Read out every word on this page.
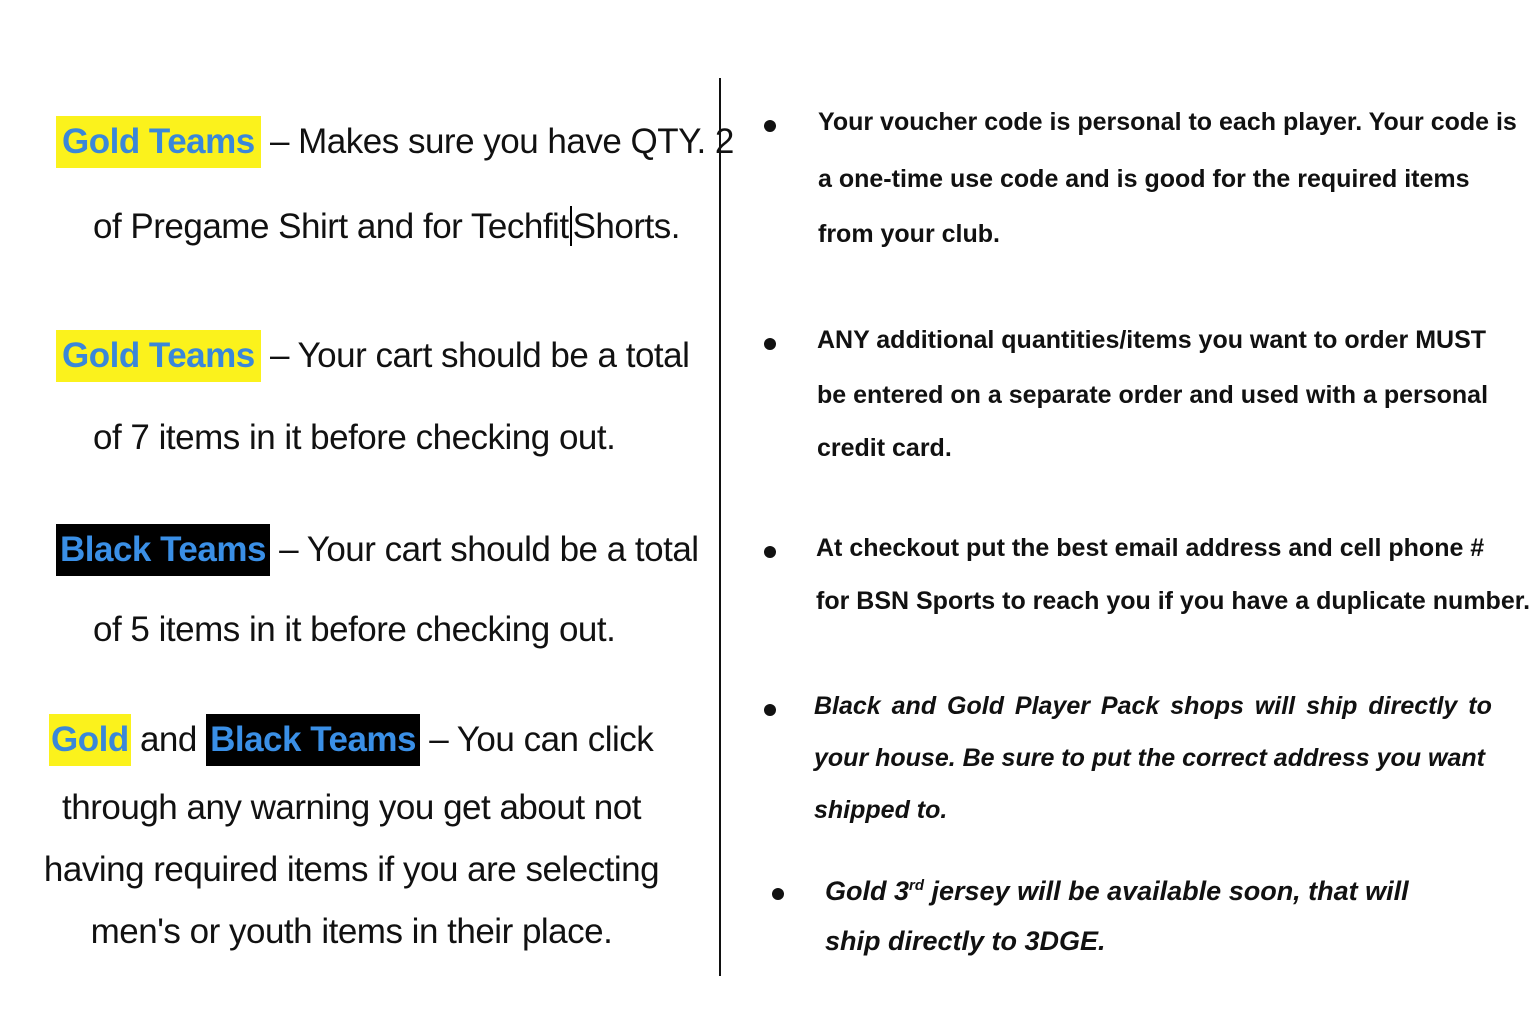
Gold Teams – Makes sure you have QTY. 2
of Pregame Shirt and for Techfit Shorts.
Gold Teams – Your cart should be a total
of 7 items in it before checking out.
Black Teams – Your cart should be a total
of 5 items in it before checking out.
Gold and Black Teams – You can click
through any warning you get about not
having required items if you are selecting
men's or youth items in their place.
Your voucher code is personal to each player. Your code is
a one-time use code and is good for the required items
from your club.
ANY additional quantities/items you want to order MUST
be entered on a separate order and used with a personal
credit card.
At checkout put the best email address and cell phone #
for BSN Sports to reach you if you have a duplicate number.
Black and Gold Player Pack shops will ship directly to
your house. Be sure to put the correct address you want
shipped to.
Gold 3rd jersey will be available soon, that will
ship directly to 3DGE.
